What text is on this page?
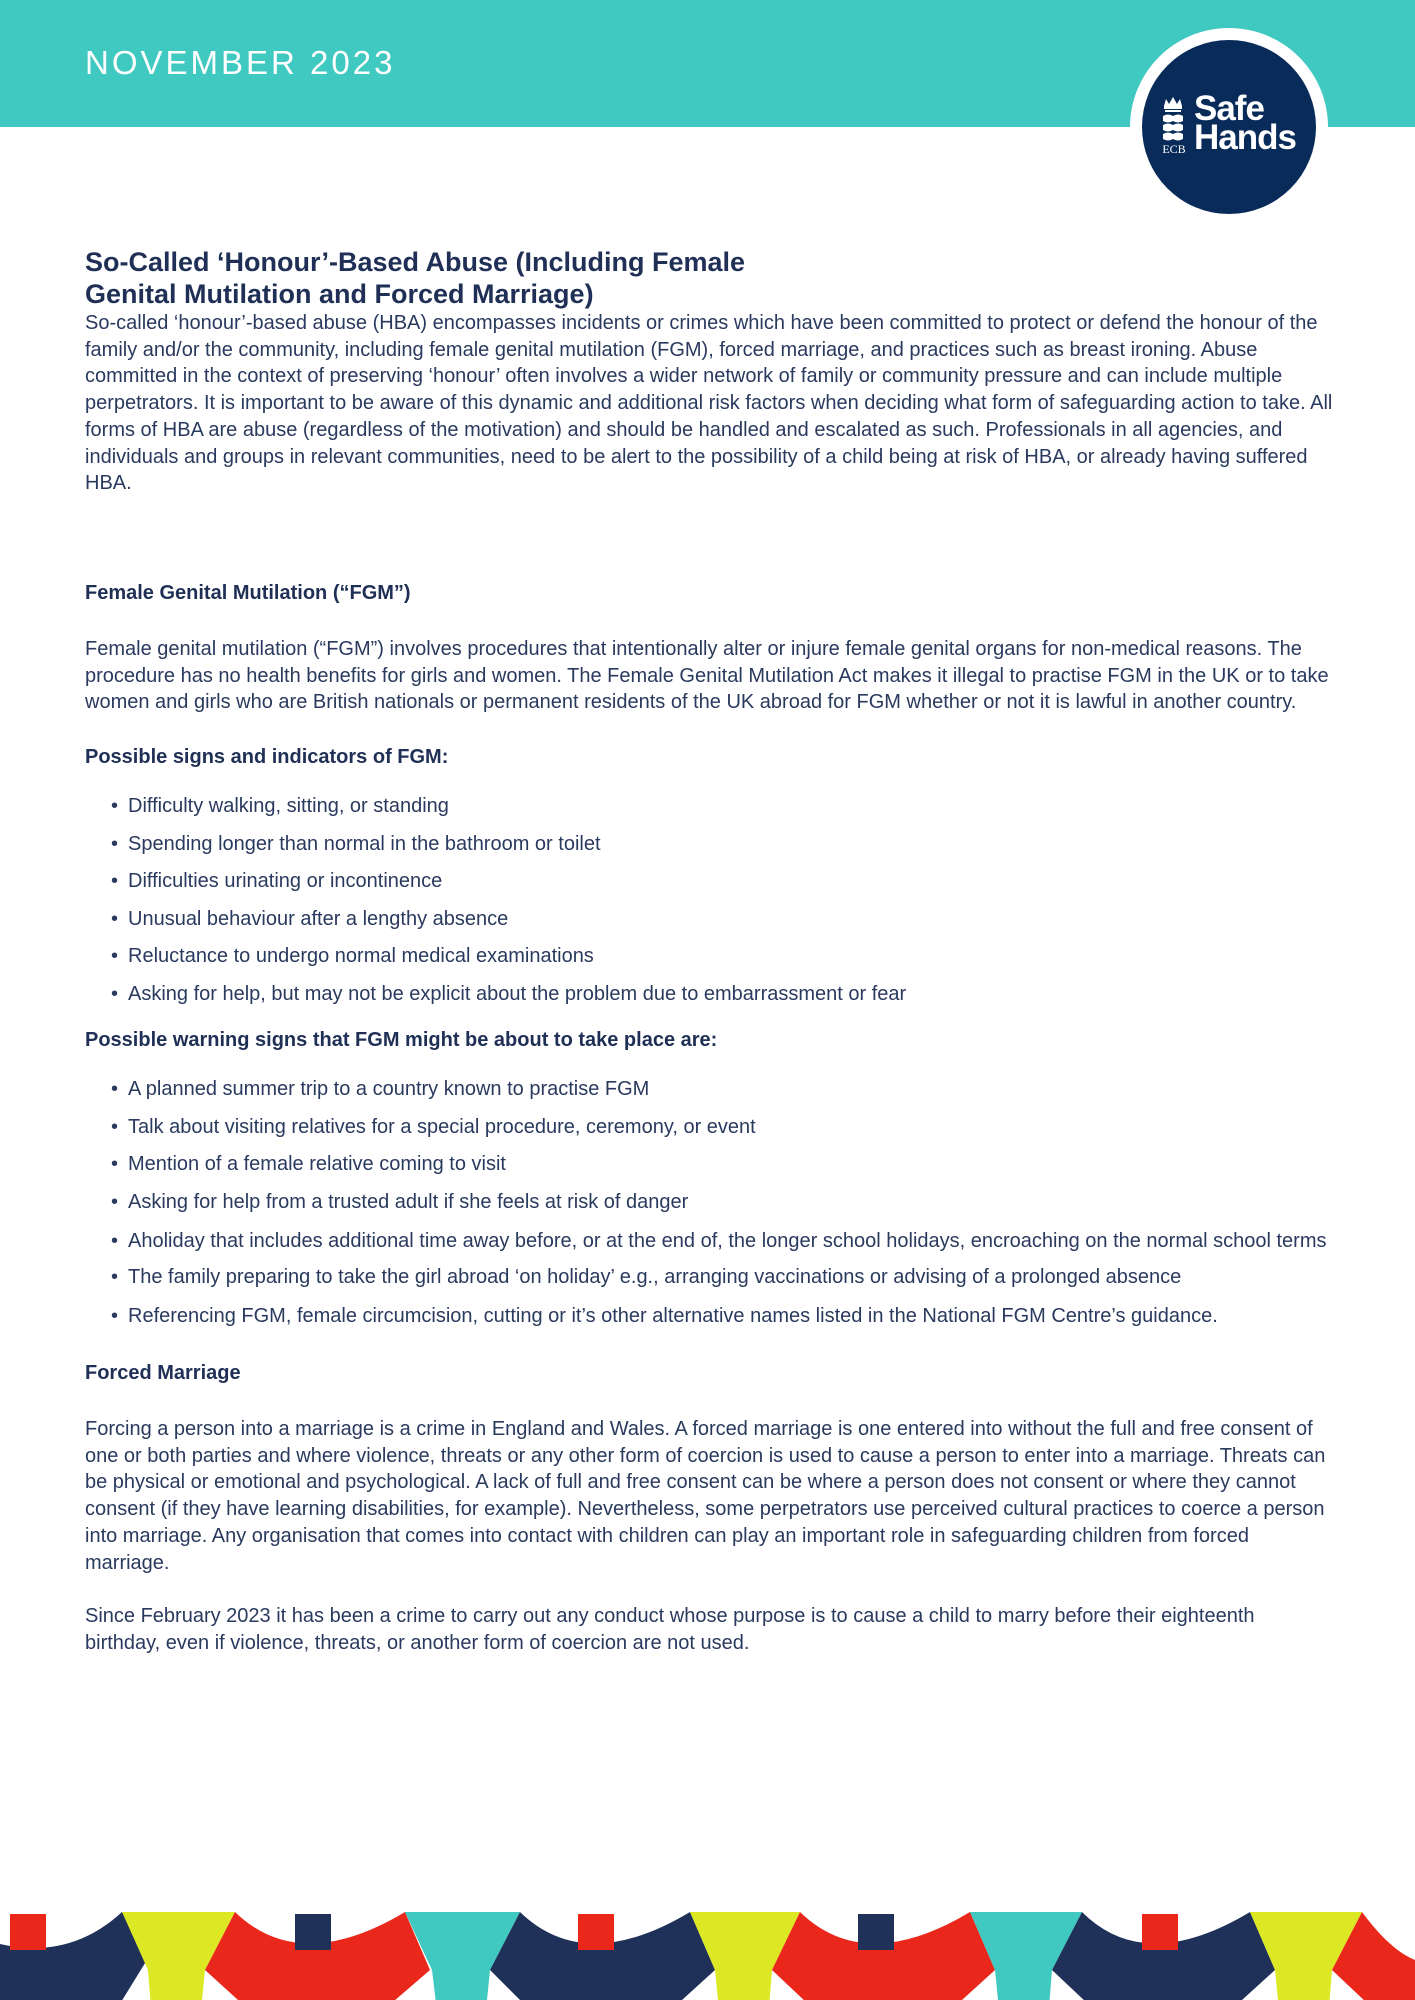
NOVEMBER 2023
ECB
Safe
Hands
So-Called ‘Honour’-Based Abuse (Including Female
Genital Mutilation and Forced Marriage)

So-called ‘honour’-based abuse (HBA) encompasses incidents or crimes which have been committed to protect or defend the honour of the family and/or the community, including female genital mutilation (FGM), forced marriage, and practices such as breast ironing. Abuse committed in the context of preserving ‘honour’ often involves a wider network of family or community pressure and can include multiple perpetrators. It is important to be aware of this dynamic and additional risk factors when deciding what form of safeguarding action to take. All forms of HBA are abuse (regardless of the motivation) and should be handled and escalated as such. Professionals in all agencies, and individuals and groups in relevant communities, need to be alert to the possibility of a child being at risk of HBA, or already having suffered HBA.

Female Genital Mutilation (“FGM”)

Female genital mutilation (“FGM”) involves procedures that intentionally alter or injure female genital organs for non-medical reasons. The procedure has no health benefits for girls and women. The Female Genital Mutilation Act makes it illegal to practise FGM in the UK or to take women and girls who are British nationals or permanent residents of the UK abroad for FGM whether or not it is lawful in another country.

Possible signs and indicators of FGM:
• Difficulty walking, sitting, or standing
• Spending longer than normal in the bathroom or toilet
• Difficulties urinating or incontinence
• Unusual behaviour after a lengthy absence
• Reluctance to undergo normal medical examinations
• Asking for help, but may not be explicit about the problem due to embarrassment or fear
Possible warning signs that FGM might be about to take place are:
• A planned summer trip to a country known to practise FGM
• Talk about visiting relatives for a special procedure, ceremony, or event
• Mention of a female relative coming to visit
• Asking for help from a trusted adult if she feels at risk of danger
• Aholiday that includes additional time away before, or at the end of, the longer school holidays, encroaching on the normal school terms
• The family preparing to take the girl abroad ‘on holiday’ e.g., arranging vaccinations or advising of a prolonged absence
• Referencing FGM, female circumcision, cutting or it’s other alternative names listed in the National FGM Centre’s guidance.
Forced Marriage

Forcing a person into a marriage is a crime in England and Wales. A forced marriage is one entered into without the full and free consent of one or both parties and where violence, threats or any other form of coercion is used to cause a person to enter into a marriage. Threats can be physical or emotional and psychological. A lack of full and free consent can be where a person does not consent or where they cannot consent (if they have learning disabilities, for example). Nevertheless, some perpetrators use perceived cultural practices to coerce a person into marriage. Any organisation that comes into contact with children can play an important role in safeguarding children from forced marriage.

Since February 2023 it has been a crime to carry out any conduct whose purpose is to cause a child to marry before their eighteenth birthday, even if violence, threats, or another form of coercion are not used.
